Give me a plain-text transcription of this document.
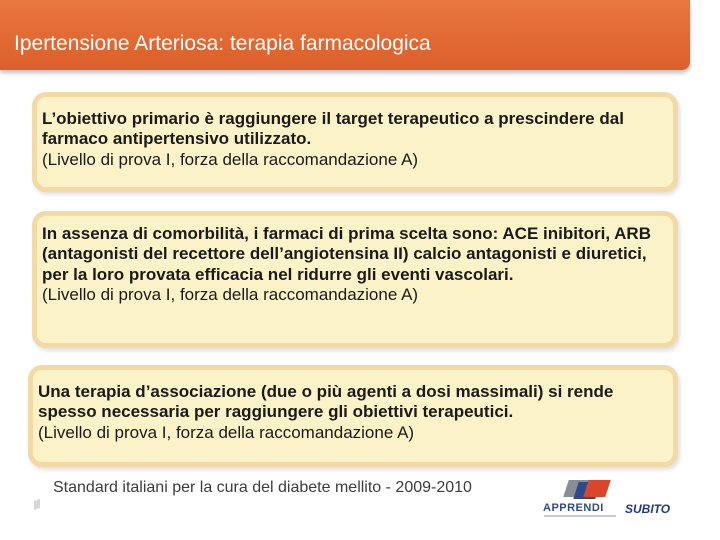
Ipertensione Arteriosa: terapia farmacologica

L’obiettivo primario è raggiungere il target terapeutico a prescindere dal farmaco antipertensivo utilizzato.

(Livello di prova I, forza della raccomandazione A)

In assenza di comorbilità, i farmaci di prima scelta sono: ACE inibitori, ARB (antagonisti del recettore dell’angiotensina II) calcio antagonisti e diuretici, per la loro provata efficacia nel ridurre gli eventi vascolari.

(Livello di prova I, forza della raccomandazione A)

Una terapia d’associazione (due o più agenti a dosi massimali) si rende spesso necessaria per raggiungere gli obiettivi terapeutici.

(Livello di prova I, forza della raccomandazione A)

Standard italiani per la cura del diabete mellito - 2009-2010
APPRENDI SUBITO
